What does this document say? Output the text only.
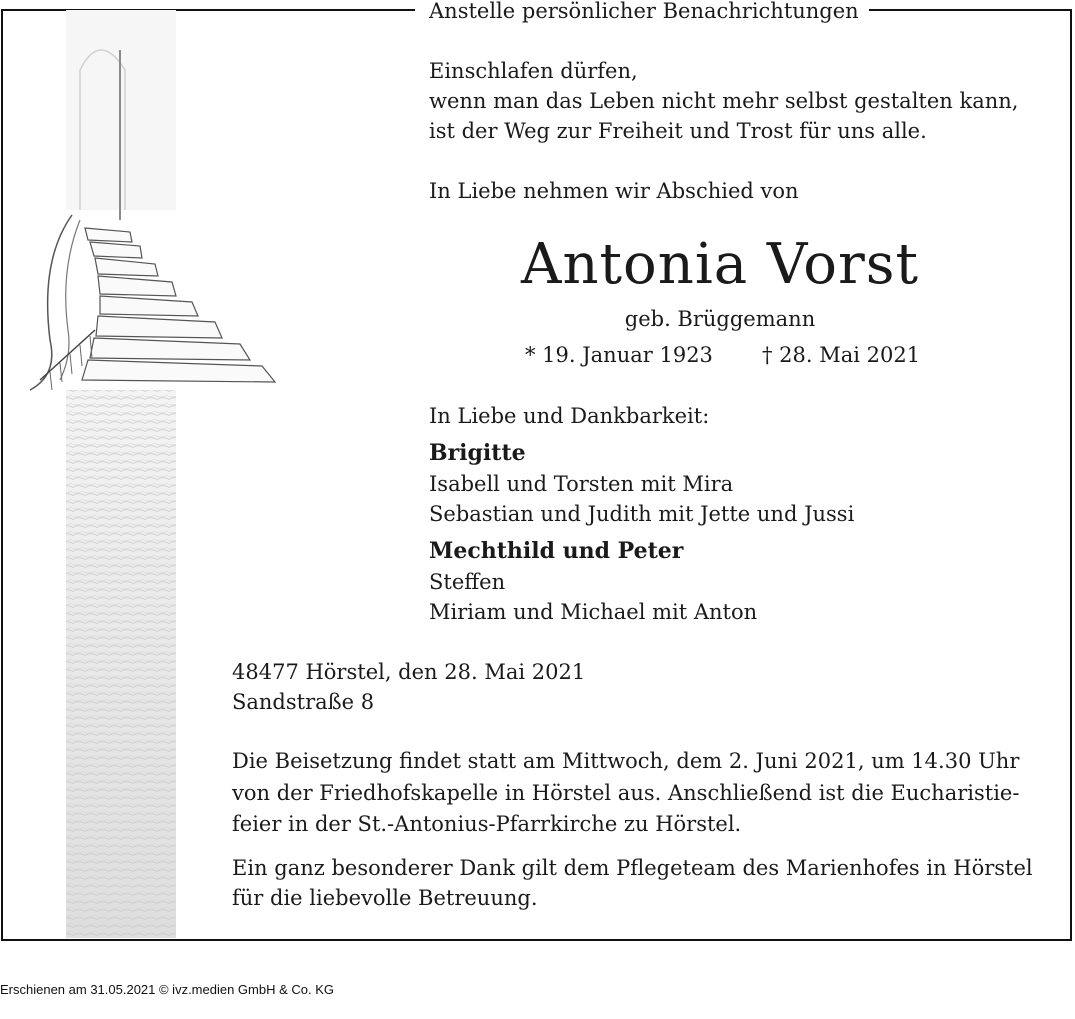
Anstelle persönlicher Benachrichtungen
Einschlafen dürfen,
wenn man das Leben nicht mehr selbst gestalten kann,
ist der Weg zur Freiheit und Trost für uns alle.
In Liebe nehmen wir Abschied von
Antonia Vorst
geb. Brüggemann
* 19. Januar 1923 † 28. Mai 2021
In Liebe und Dankbarkeit:
Brigitte
Isabell und Torsten mit Mira
Sebastian und Judith mit Jette und Jussi
Mechthild und Peter
Steffen
Miriam und Michael mit Anton
48477 Hörstel, den 28. Mai 2021
Sandstraße 8
Die Beisetzung findet statt am Mittwoch, dem 2. Juni 2021, um 14.30 Uhr
von der Friedhofskapelle in Hörstel aus. Anschließend ist die Eucharistie-
feier in der St.-Antonius-Pfarrkirche zu Hörstel.
Ein ganz besonderer Dank gilt dem Pflegeteam des Marienhofes in Hörstel
für die liebevolle Betreuung.
Erschienen am 31.05.2021 © ivz.medien GmbH & Co. KG
